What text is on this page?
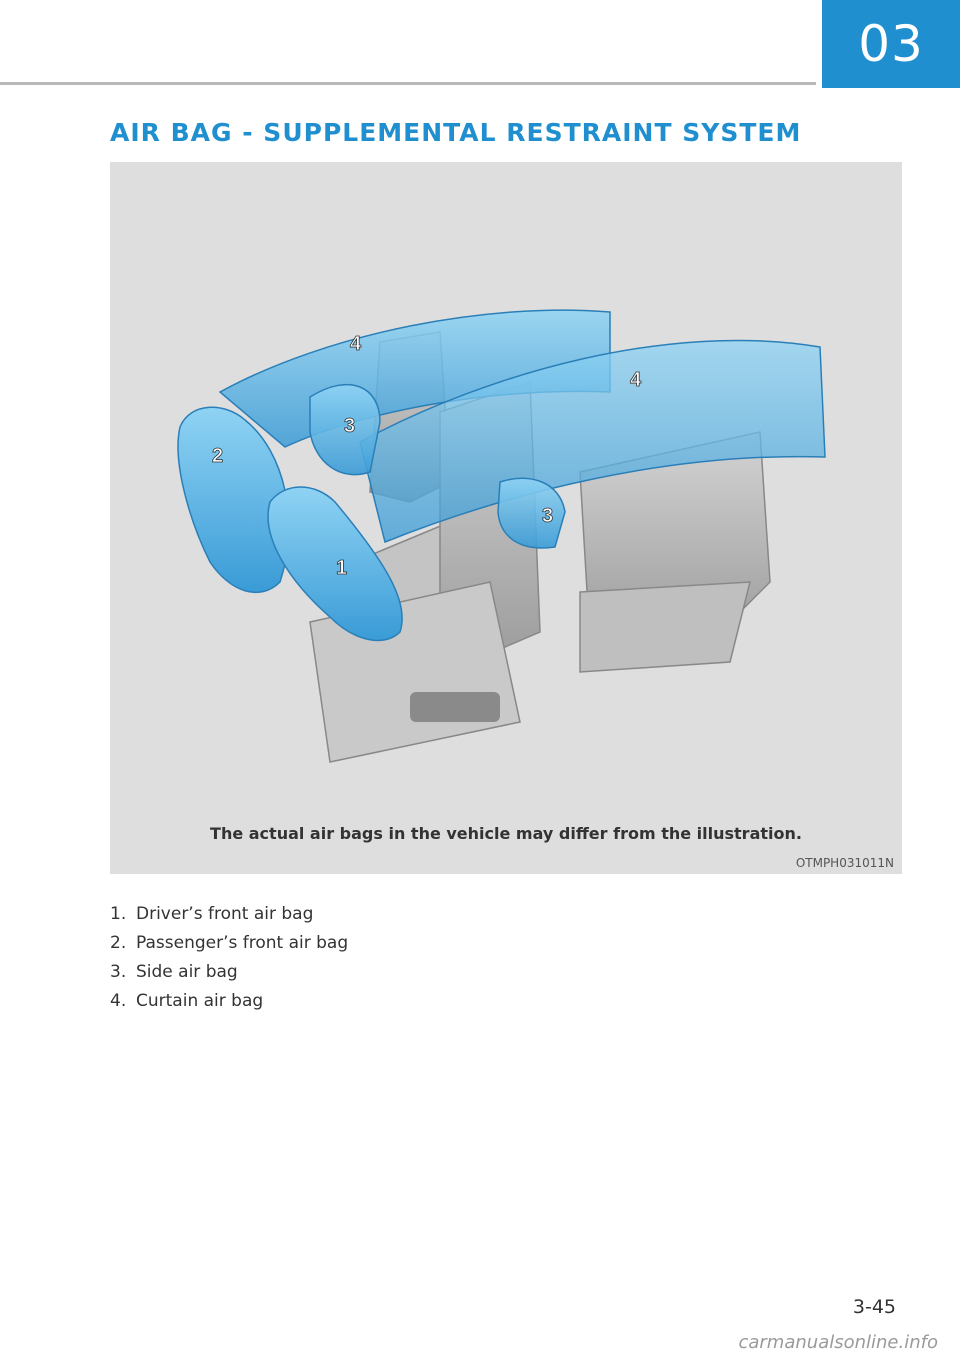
03
AIR BAG - SUPPLEMENTAL RESTRAINT SYSTEM
1
2
3
3
4
4
The actual air bags in the vehicle may differ from the illustration.
OTMPH031011N
1. Driver’s front air bag
2. Passenger’s front air bag
3. Side air bag
4. Curtain air bag
3-45
carmanualsonline.info
